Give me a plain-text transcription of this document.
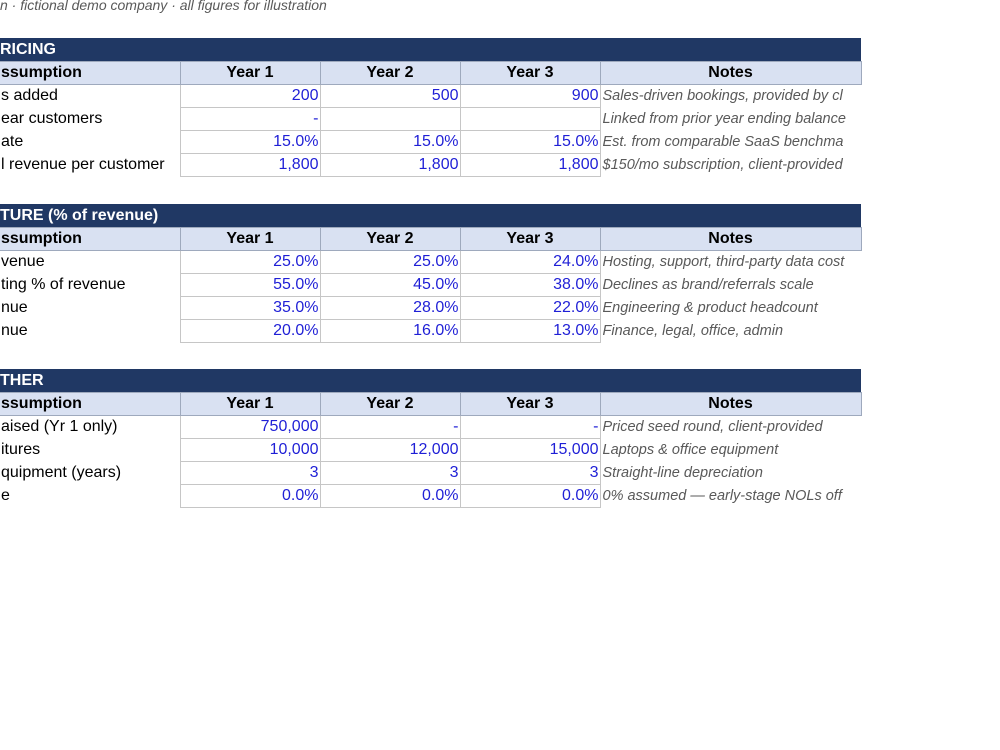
n · fictional demo company · all figures for illustration
RICING
ssumption	Year 1	Year 2	Year 3	Notes
s added	200	500	900	Sales-driven bookings, provided by cl
ear customers	-			Linked from prior year ending balance
ate	15.0%	15.0%	15.0%	Est. from comparable SaaS benchma
l revenue per customer	1,800	1,800	1,800	$150/mo subscription, client-provided
TURE (% of revenue)
ssumption	Year 1	Year 2	Year 3	Notes
venue	25.0%	25.0%	24.0%	Hosting, support, third-party data cost
ting % of revenue	55.0%	45.0%	38.0%	Declines as brand/referrals scale
nue	35.0%	28.0%	22.0%	Engineering & product headcount
nue	20.0%	16.0%	13.0%	Finance, legal, office, admin
THER
ssumption	Year 1	Year 2	Year 3	Notes
aised (Yr 1 only)	750,000	-	-	Priced seed round, client-provided
itures	10,000	12,000	15,000	Laptops & office equipment
quipment (years)	3	3	3	Straight-line depreciation
e	0.0%	0.0%	0.0%	0% assumed — early-stage NOLs off
